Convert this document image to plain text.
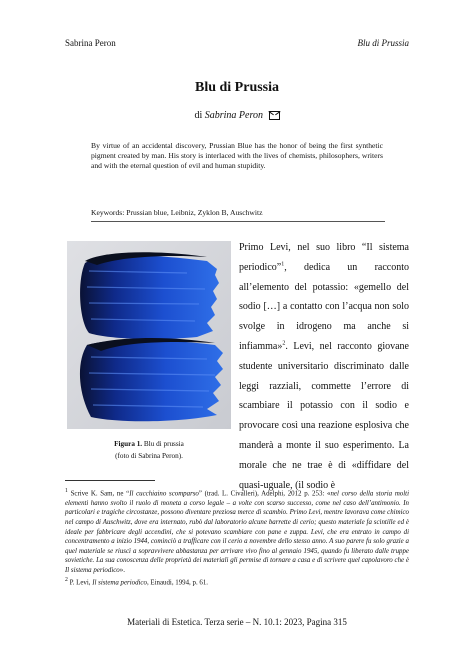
Sabrina Peron	Blu di Prussia
Blu di Prussia
di Sabrina Peron
By virtue of an accidental discovery, Prussian Blue has the honor of being the first synthetic pigment created by man. His story is interlaced with the lives of chemists, philosophers, writers and with the eternal question of evil and human stupidity.
Keywords: Prussian blue, Leibniz, Zyklon B, Auschwitz
Figura 1. Blu di prussia
(foto di Sabrina Peron).
Primo Levi, nel suo libro “Il sistema periodico”$^1$, dedica un racconto all’elemento del potassio: «gemello del sodio […] a contatto con l’acqua non solo svolge in idrogeno ma anche si infiamma»$^2$. Levi, nel racconto giovane studente universitario discriminato dalle leggi razziali, commette l’errore di scambiare il potassio con il sodio e provocare così una reazione esplosiva che manderà a monte il suo esperimento. La morale che ne trae è di «diffidare del quasi-uguale, (il sodio è

$^1$ Scrive K. Sam, ne “Il cucchiaino scomparso” (trad. L. Civalleri), Adelphi, 2012 p. 253: «nel corso della storia molti elementi hanno svolto il ruolo di moneta a corso legale – a volte con scarso successo, come nel caso dell’antimonio. In particolari e tragiche circostanze, possono diventare preziosa merce di scambio. Primo Levi, mentre lavorava come chimico nel campo di Auschwitz, dove era internato, rubò dal laboratorio alcune barrette di cerio; questo materiale fa scintille ed è ideale per fabbricare degli accendini, che si potevano scambiare con pane e zuppa. Levi, che era entrato in campo di concentramento a inizio 1944, cominciò a trafficare con il cerio a novembre dello stesso anno. A suo parere fu solo grazie a quel materiale se riuscì a sopravvivere abbastanza per arrivare vivo fino al gennaio 1945, quando fu liberato dalle truppe sovietiche. La sua conoscenza delle proprietà dei materiali gli permise di tornare a casa e di scrivere quel capolavoro che è Il sistema periodico».

$^2$ P. Levi, Il sistema periodico, Einaudi, 1994, p. 61.

Materiali di Estetica. Terza serie – N. 10.1: 2023, Pagina 315
